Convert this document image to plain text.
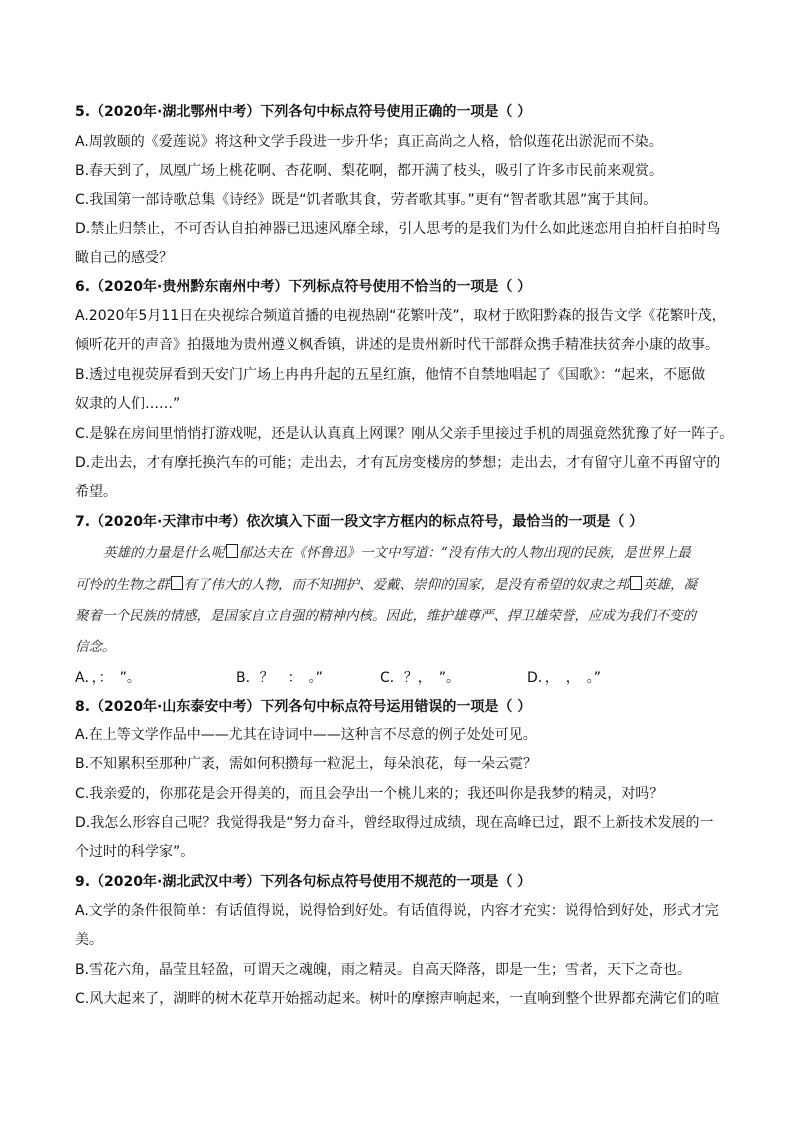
5.（2020年·湖北鄂州中考）下列各句中标点符号使用正确的一项是（ ）
A.周敦颐的《爱莲说》将这种文学手段进一步升华；真正高尚之人格，恰似莲花出淤泥而不染。
B.春天到了，凤凰广场上桃花啊、杏花啊、梨花啊，都开满了枝头，吸引了许多市民前来观赏。
C.我国第一部诗歌总集《诗经》既是“饥者歌其食，劳者歌其事。”更有“智者歌其恩”寓于其间。
D.禁止归禁止，不可否认自拍神器已迅速风靡全球，引人思考的是我们为什么如此迷恋用自拍杆自拍时鸟
瞰自己的感受？
6.（2020年·贵州黔东南州中考）下列标点符号使用不恰当的一项是（ ）
A.2020年5月11日在央视综合频道首播的电视热剧“花繁叶茂”，取材于欧阳黔森的报告文学《花繁叶茂，
倾听花开的声音》拍摄地为贵州遵义枫香镇，讲述的是贵州新时代干部群众携手精准扶贫奔小康的故事。
B.透过电视荧屏看到天安门广场上冉冉升起的五星红旗，他情不自禁地唱起了《国歌》：“起来，不愿做
奴隶的人们……”
C.是躲在房间里悄悄打游戏呢，还是认认真真上网课？刚从父亲手里接过手机的周强竟然犹豫了好一阵子。
D.走出去，才有摩托换汽车的可能；走出去，才有瓦房变楼房的梦想；走出去，才有留守儿童不再留守的
希望。
7.（2020年·天津市中考）依次填入下面一段文字方框内的标点符号，最恰当的一项是（ ）
英雄的力量是什么呢 郁达夫在《怀鲁迅》一文中写道：“没有伟大的人物出现的民族，是世界上最
可怜的生物之群 有了伟大的人物，而不知拥护、爱戴、崇仰的国家，是没有希望的奴隶之邦 英雄，凝
聚着一个民族的情感，是国家自立自强的精神内核。因此，维护雄尊严、捍卫雄荣誉，应成为我们不变的
信念。
A．，：　”。	B．？　：　。”	C．？，　”。	D．，　，　。”
8.（2020年·山东泰安中考）下列各句中标点符号运用错误的一项是（ ）
A.在上等文学作品中——尤其在诗词中——这种言不尽意的例子处处可见。
B.不知累积至那种广袤，需如何积攒每一粒泥土，每朵浪花，每一朵云霓？
C.我亲爱的，你那花是会开得美的，而且会孕出一个桃儿来的；我还叫你是我梦的精灵，对吗？
D.我怎么形容自己呢？我觉得我是“努力奋斗，曾经取得过成绩，现在高峰已过，跟不上新技术发展的一
个过时的科学家”。
9.（2020年·湖北武汉中考）下列各句标点符号使用不规范的一项是（ ）
A.文学的条件很简单：有话值得说，说得恰到好处。有话值得说，内容才充实：说得恰到好处，形式才完
美。
B.雪花六角，晶莹且轻盈，可谓天之魂魄，雨之精灵。自高天降落，即是一生；雪者，天下之奇也。
C.风大起来了，湖畔的树木花草开始摇动起来。树叶的摩擦声响起来，一直响到整个世界都充满它们的喧
